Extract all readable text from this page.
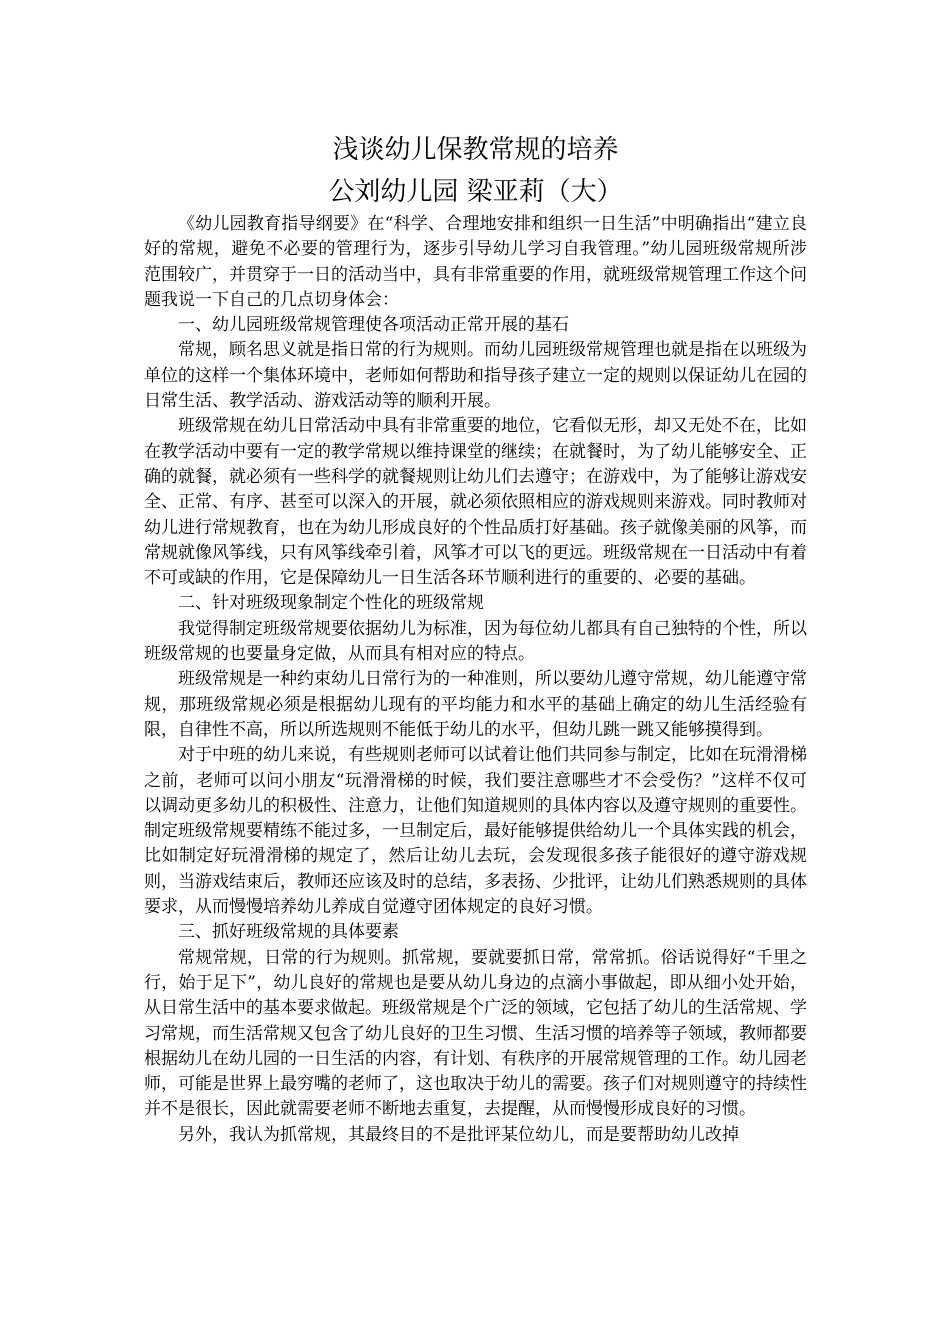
浅谈幼儿保教常规的培养
公刘幼儿园 梁亚莉（大）

《幼儿园教育指导纲要》在“科学、合理地安排和组织一日生活”中明确指出“建立良好的常规，避免不必要的管理行为，逐步引导幼儿学习自我管理。”幼儿园班级常规所涉范围较广，并贯穿于一日的活动当中，具有非常重要的作用，就班级常规管理工作这个问题我说一下自己的几点切身体会：

一、幼儿园班级常规管理使各项活动正常开展的基石

常规，顾名思义就是指日常的行为规则。而幼儿园班级常规管理也就是指在以班级为单位的这样一个集体环境中，老师如何帮助和指导孩子建立一定的规则以保证幼儿在园的日常生活、教学活动、游戏活动等的顺利开展。

班级常规在幼儿日常活动中具有非常重要的地位，它看似无形，却又无处不在，比如在教学活动中要有一定的教学常规以维持课堂的继续；在就餐时，为了幼儿能够安全、正确的就餐，就必须有一些科学的就餐规则让幼儿们去遵守；在游戏中，为了能够让游戏安全、正常、有序、甚至可以深入的开展，就必须依照相应的游戏规则来游戏。同时教师对幼儿进行常规教育，也在为幼儿形成良好的个性品质打好基础。孩子就像美丽的风筝，而常规就像风筝线，只有风筝线牵引着，风筝才可以飞的更远。班级常规在一日活动中有着不可或缺的作用，它是保障幼儿一日生活各环节顺利进行的重要的、必要的基础。

二、针对班级现象制定个性化的班级常规

我觉得制定班级常规要依据幼儿为标准，因为每位幼儿都具有自己独特的个性，所以班级常规的也要量身定做，从而具有相对应的特点。

班级常规是一种约束幼儿日常行为的一种准则，所以要幼儿遵守常规，幼儿能遵守常规，那班级常规必须是根据幼儿现有的平均能力和水平的基础上确定的幼儿生活经验有限，自律性不高，所以所选规则不能低于幼儿的水平，但幼儿跳一跳又能够摸得到。

对于中班的幼儿来说，有些规则老师可以试着让他们共同参与制定，比如在玩滑滑梯之前，老师可以问小朋友“玩滑滑梯的时候，我们要注意哪些才不会受伤？”这样不仅可以调动更多幼儿的积极性、注意力，让他们知道规则的具体内容以及遵守规则的重要性。制定班级常规要精练不能过多，一旦制定后，最好能够提供给幼儿一个具体实践的机会，比如制定好玩滑滑梯的规定了，然后让幼儿去玩，会发现很多孩子能很好的遵守游戏规则，当游戏结束后，教师还应该及时的总结，多表扬、少批评，让幼儿们熟悉规则的具体要求，从而慢慢培养幼儿养成自觉遵守团体规定的良好习惯。

三、抓好班级常规的具体要素

常规常规，日常的行为规则。抓常规，要就要抓日常，常常抓。俗话说得好“千里之行，始于足下”，幼儿良好的常规也是要从幼儿身边的点滴小事做起，即从细小处开始，从日常生活中的基本要求做起。班级常规是个广泛的领域，它包括了幼儿的生活常规、学习常规，而生活常规又包含了幼儿良好的卫生习惯、生活习惯的培养等子领域，教师都要根据幼儿在幼儿园的一日生活的内容，有计划、有秩序的开展常规管理的工作。幼儿园老师，可能是世界上最穷嘴的老师了，这也取决于幼儿的需要。孩子们对规则遵守的持续性并不是很长，因此就需要老师不断地去重复，去提醒，从而慢慢形成良好的习惯。

另外，我认为抓常规，其最终目的不是批评某位幼儿，而是要帮助幼儿改掉
